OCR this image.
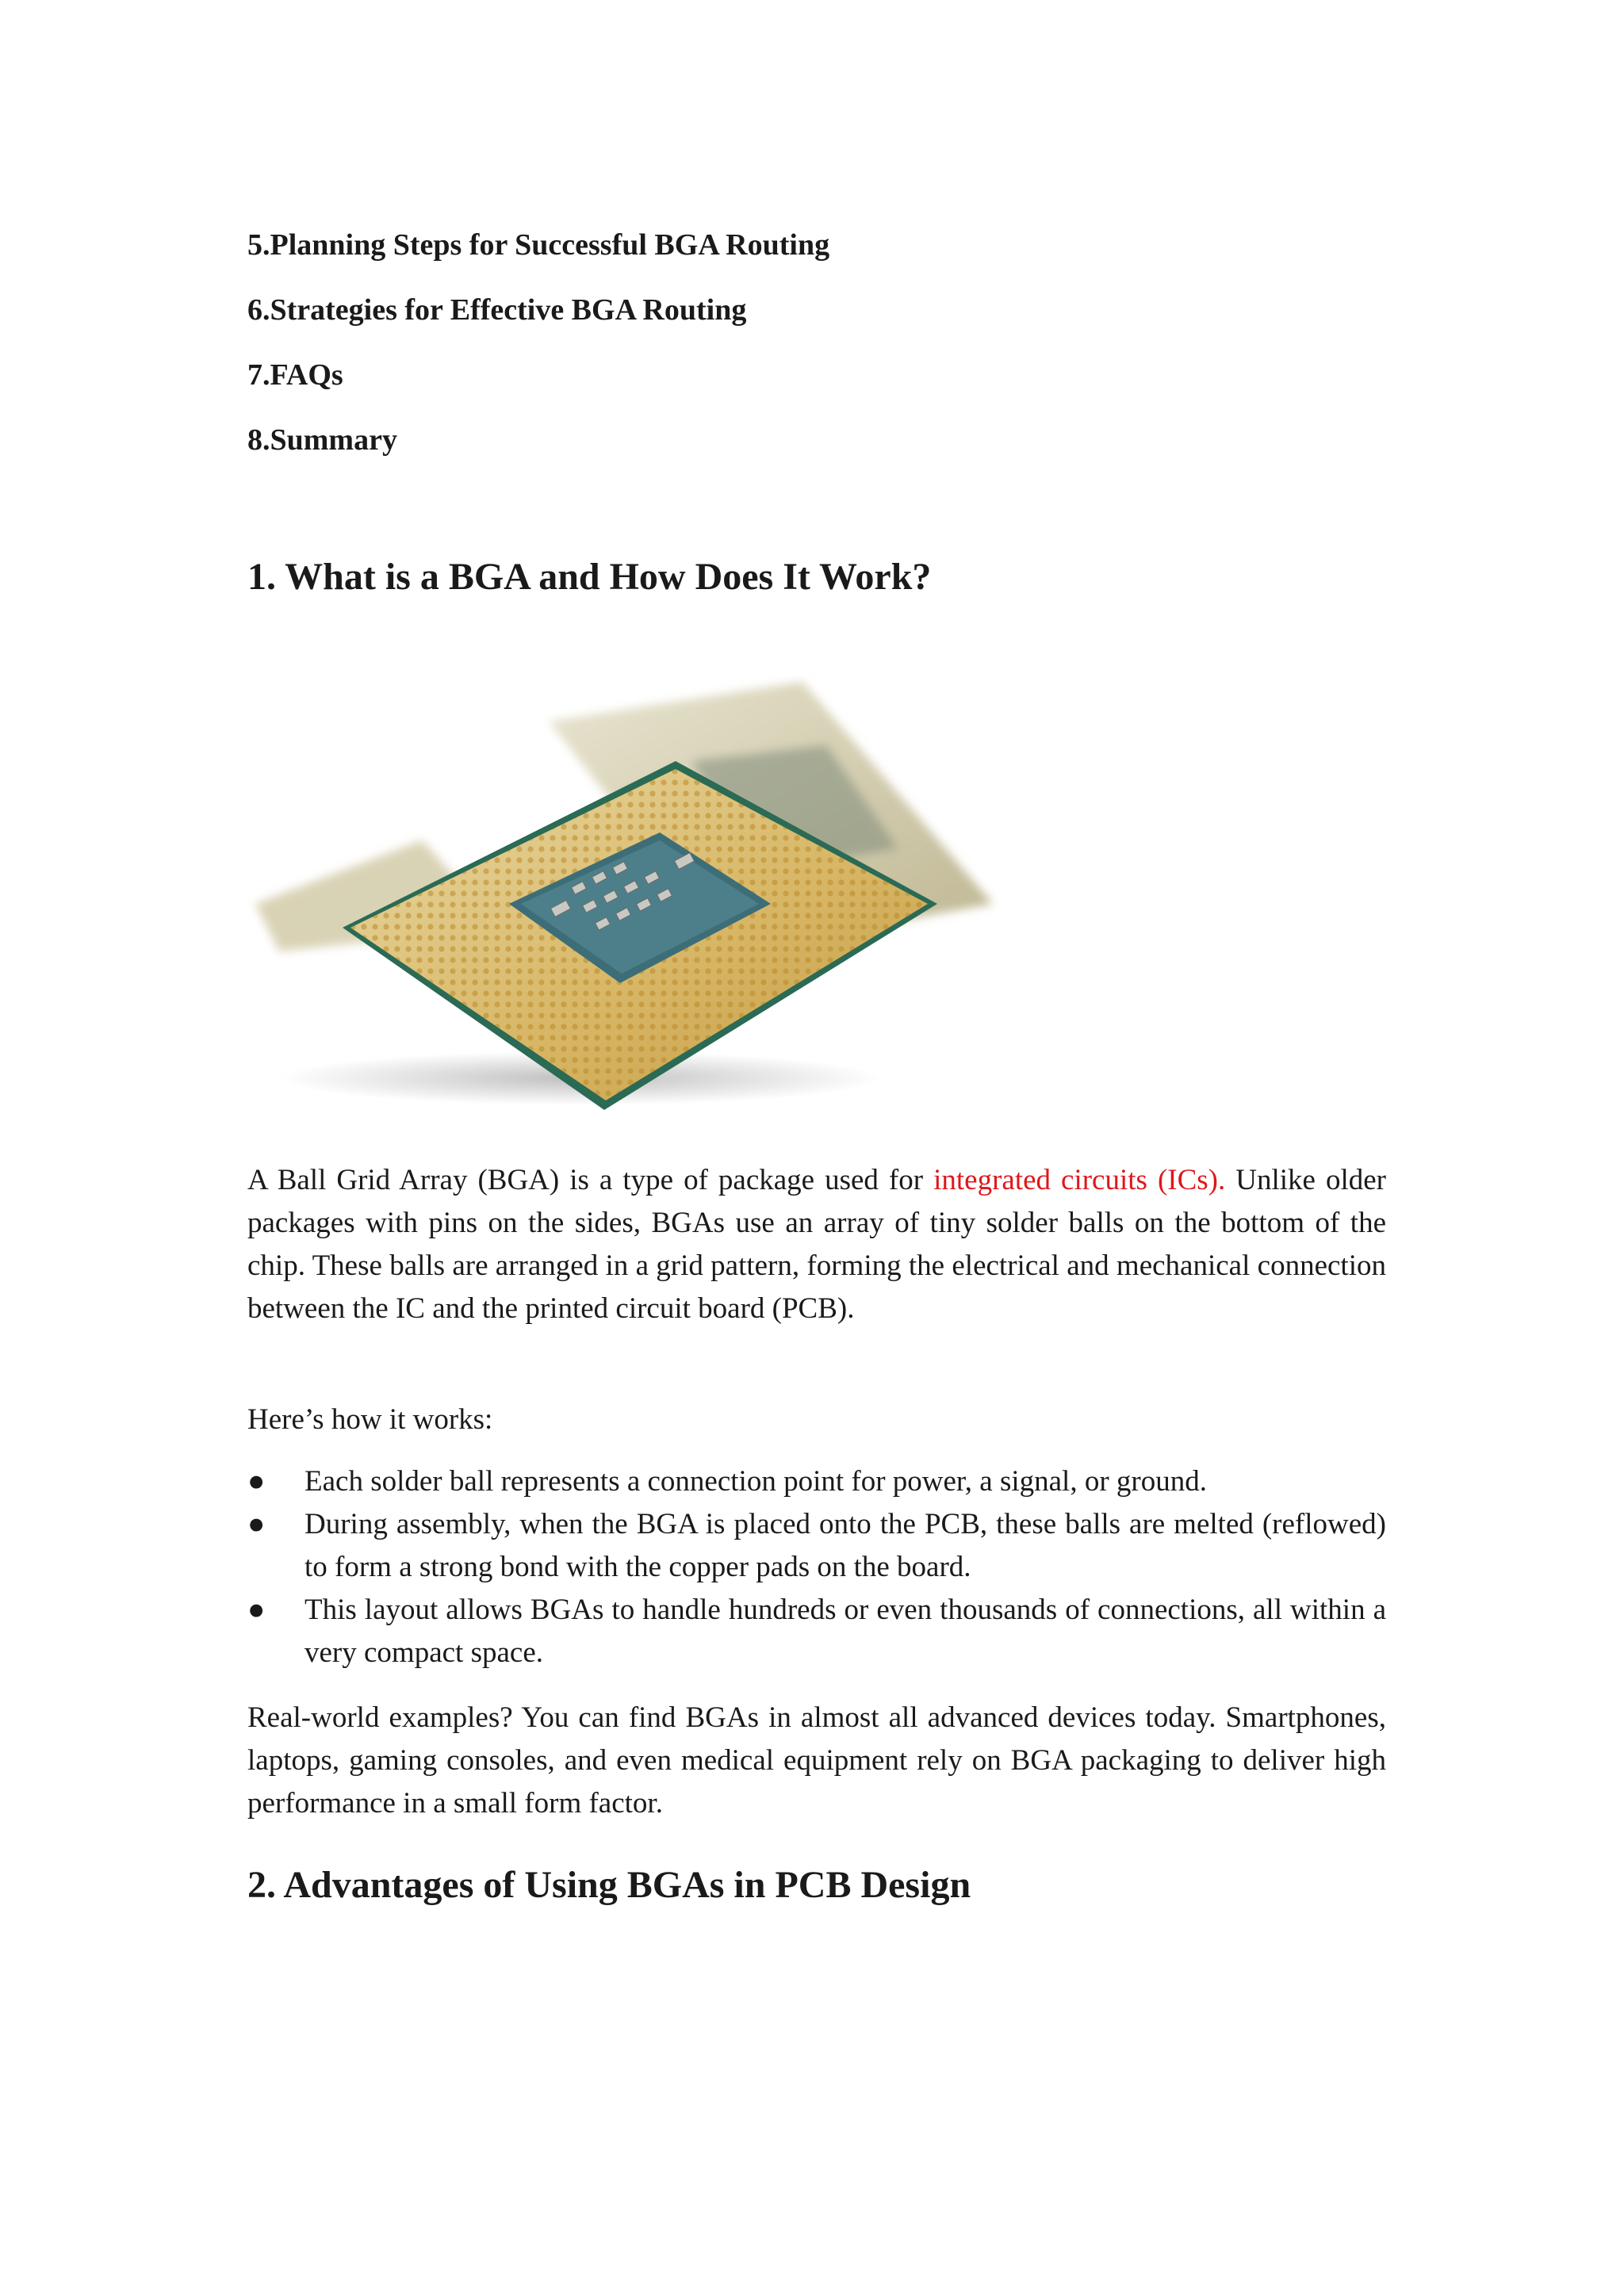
5.Planning Steps for Successful BGA Routing

6.Strategies for Effective BGA Routing

7.FAQs

8.Summary

1. What is a BGA and How Does It Work?

A Ball Grid Array (BGA) is a type of package used for integrated circuits (ICs). Unlike older packages with pins on the sides, BGAs use an array of tiny solder balls on the bottom of the chip. These balls are arranged in a grid pattern, forming the electrical and mechanical connection between the IC and the printed circuit board (PCB).

Here’s how it works:

● Each solder ball represents a connection point for power, a signal, or ground.
● During assembly, when the BGA is placed onto the PCB, these balls are melted (reflowed) to form a strong bond with the copper pads on the board.
● This layout allows BGAs to handle hundreds or even thousands of connections, all within a very compact space.

Real-world examples? You can find BGAs in almost all advanced devices today. Smartphones, laptops, gaming consoles, and even medical equipment rely on BGA packaging to deliver high performance in a small form factor.

2. Advantages of Using BGAs in PCB Design
